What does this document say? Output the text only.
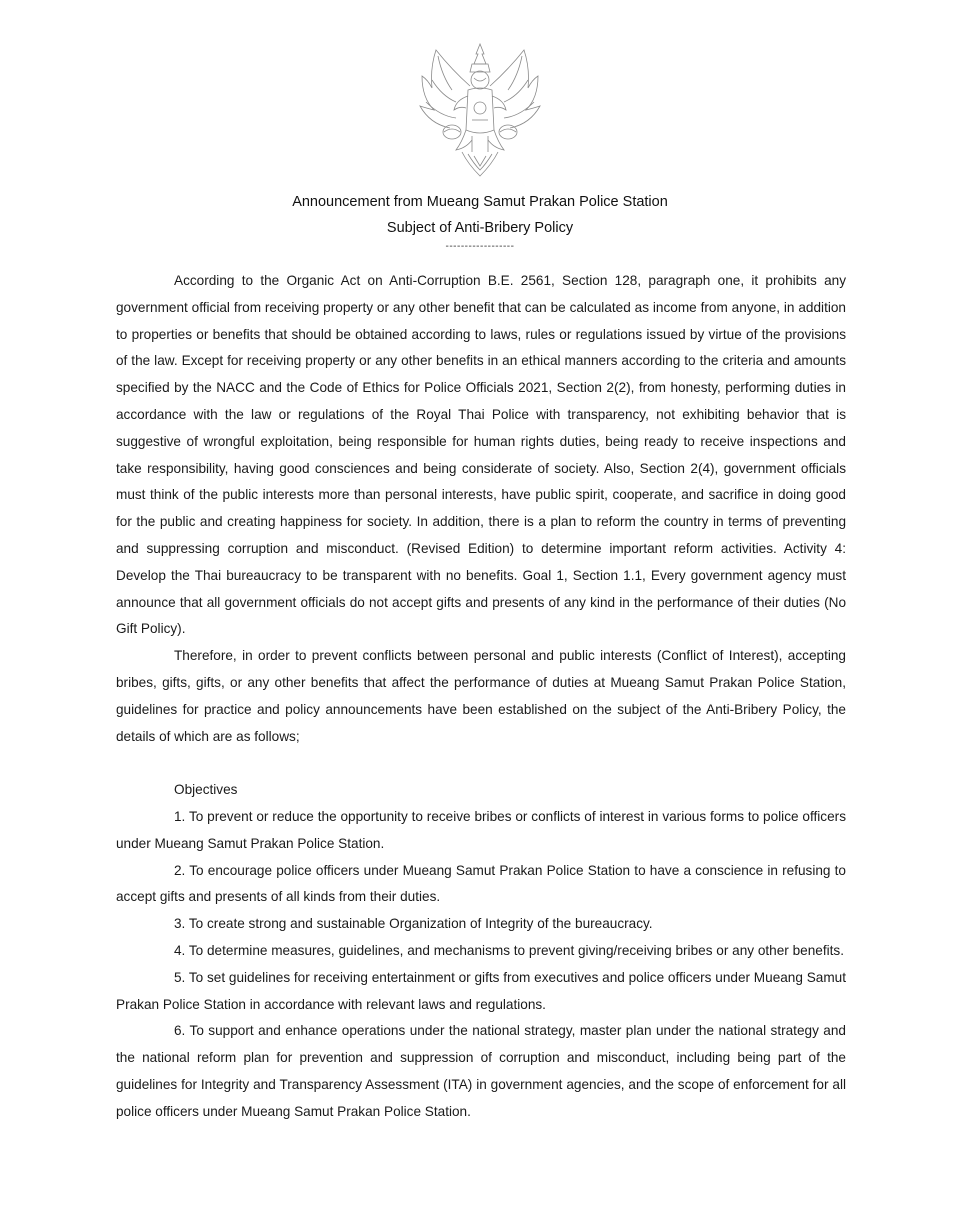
Announcement from Mueang Samut Prakan Police Station
Subject of Anti-Bribery Policy
------------------

According to the Organic Act on Anti-Corruption B.E. 2561, Section 128, paragraph one, it prohibits any government official from receiving property or any other benefit that can be calculated as income from anyone, in addition to properties or benefits that should be obtained according to laws, rules or regulations issued by virtue of the provisions of the law. Except for receiving property or any other benefits in an ethical manners according to the criteria and amounts specified by the NACC and the Code of Ethics for Police Officials 2021, Section 2(2), from honesty, performing duties in accordance with the law or regulations of the Royal Thai Police with transparency, not exhibiting behavior that is suggestive of wrongful exploitation, being responsible for human rights duties, being ready to receive inspections and take responsibility, having good consciences and being considerate of society. Also, Section 2(4), government officials must think of the public interests more than personal interests, have public spirit, cooperate, and sacrifice in doing good for the public and creating happiness for society. In addition, there is a plan to reform the country in terms of preventing and suppressing corruption and misconduct. (Revised Edition) to determine important reform activities. Activity 4: Develop the Thai bureaucracy to be transparent with no benefits. Goal 1, Section 1.1, Every government agency must announce that all government officials do not accept gifts and presents of any kind in the performance of their duties (No Gift Policy).

Therefore, in order to prevent conflicts between personal and public interests (Conflict of Interest), accepting bribes, gifts, gifts, or any other benefits that affect the performance of duties at Mueang Samut Prakan Police Station, guidelines for practice and policy announcements have been established on the subject of the Anti-Bribery Policy, the details of which are as follows;

Objectives

1. To prevent or reduce the opportunity to receive bribes or conflicts of interest in various forms to police officers under Mueang Samut Prakan Police Station.

2. To encourage police officers under Mueang Samut Prakan Police Station to have a conscience in refusing to accept gifts and presents of all kinds from their duties.

3. To create strong and sustainable Organization of Integrity of the bureaucracy.

4. To determine measures, guidelines, and mechanisms to prevent giving/receiving bribes or any other benefits.

5. To set guidelines for receiving entertainment or gifts from executives and police officers under Mueang Samut Prakan Police Station in accordance with relevant laws and regulations.

6. To support and enhance operations under the national strategy, master plan under the national strategy and the national reform plan for prevention and suppression of corruption and misconduct, including being part of the guidelines for Integrity and Transparency Assessment (ITA) in government agencies, and the scope of enforcement for all police officers under Mueang Samut Prakan Police Station.
